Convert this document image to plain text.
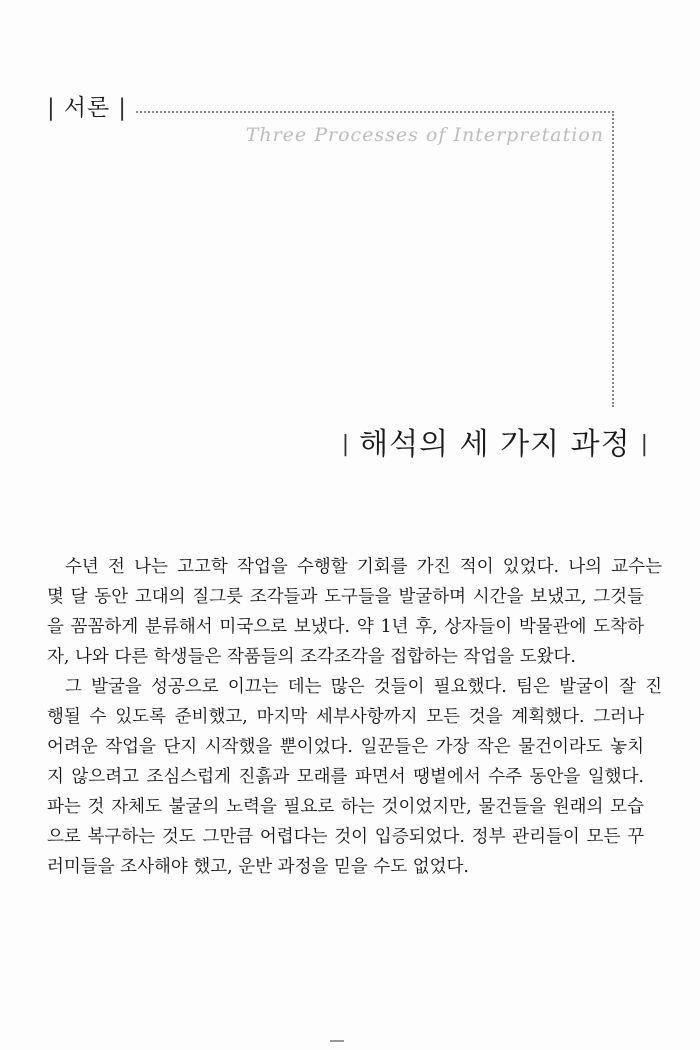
| 서론 |
Three Processes of Interpretation
| 해석의 세 가지 과정 |
수년 전 나는 고고학 작업을 수행할 기회를 가진 적이 있었다. 나의 교수는
몇 달 동안 고대의 질그릇 조각들과 도구들을 발굴하며 시간을 보냈고, 그것들
을 꼼꼼하게 분류해서 미국으로 보냈다. 약 1년 후, 상자들이 박물관에 도착하
자, 나와 다른 학생들은 작품들의 조각조각을 접합하는 작업을 도왔다.
그 발굴을 성공으로 이끄는 데는 많은 것들이 필요했다. 팀은 발굴이 잘 진
행될 수 있도록 준비했고, 마지막 세부사항까지 모든 것을 계획했다. 그러나
어려운 작업을 단지 시작했을 뿐이었다. 일꾼들은 가장 작은 물건이라도 놓치
지 않으려고 조심스럽게 진흙과 모래를 파면서 땡볕에서 수주 동안을 일했다.
파는 것 자체도 불굴의 노력을 필요로 하는 것이었지만, 물건들을 원래의 모습
으로 복구하는 것도 그만큼 어렵다는 것이 입증되었다. 정부 관리들이 모든 꾸
러미들을 조사해야 했고, 운반 과정을 믿을 수도 없었다.
